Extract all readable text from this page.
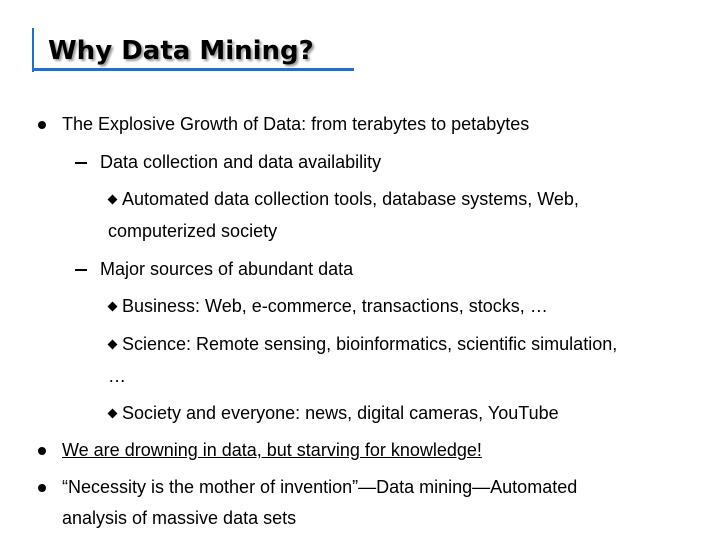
Why Data Mining?
The Explosive Growth of Data: from terabytes to petabytes
Data collection and data availability
Automated data collection tools, database systems, Web,
computerized society
Major sources of abundant data
Business: Web, e-commerce, transactions, stocks, …
Science: Remote sensing, bioinformatics, scientific simulation,
…
Society and everyone: news, digital cameras, YouTube
We are drowning in data, but starving for knowledge!
“Necessity is the mother of invention”—Data mining—Automated
analysis of massive data sets
